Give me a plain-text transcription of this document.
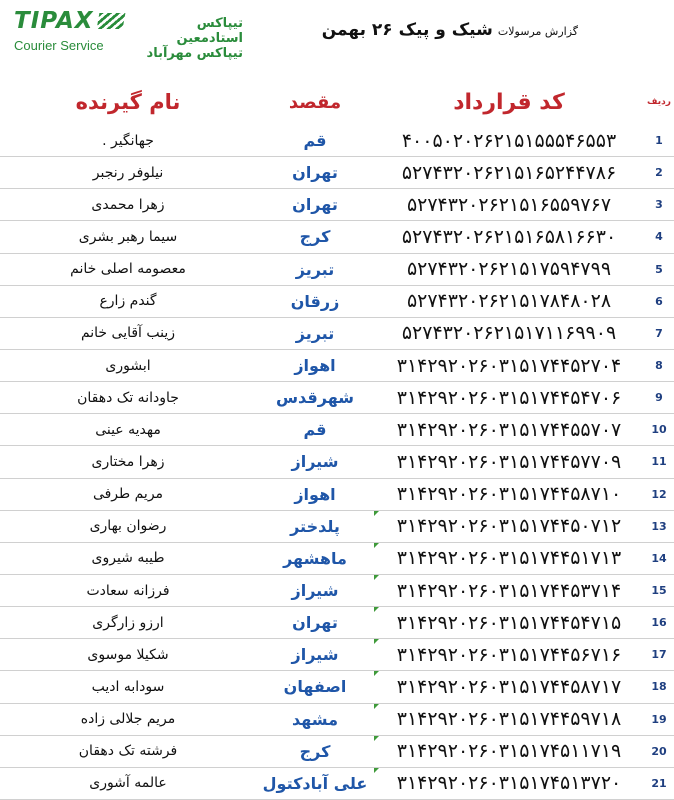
TIPAX
Courier Service
تیپاکس استادمعین
تیپاکس مهرآباد
گزارش مرسولات شیک و پیک ۲۶ بهمن
ردیف	کد قرارداد	مقصد	نام گیرنده
1	۴۰۰۵۰۲۰۲۶۲۱۵۱۵۵۵۴۶۵۵۳	قم	جهانگیر .
2	۵۲۷۴۳۲۰۲۶۲۱۵۱۶۵۲۴۴۷۸۶	تهران	نیلوفر رنجبر
3	۵۲۷۴۳۲۰۲۶۲۱۵۱۶۵۵۹۷۶۷	تهران	زهرا محمدی
4	۵۲۷۴۳۲۰۲۶۲۱۵۱۶۵۸۱۶۶۳۰	کرج	سیما رهبر بشری
5	۵۲۷۴۳۲۰۲۶۲۱۵۱۷۵۹۴۷۹۹	تبریز	معصومه اصلی خانم
6	۵۲۷۴۳۲۰۲۶۲۱۵۱۷۸۴۸۰۲۸	زرقان	گندم زارع
7	۵۲۷۴۳۲۰۲۶۲۱۵۱۷۱۱۶۹۹۰۹	تبریز	زینب آقایی خانم
8	۳۱۴۲۹۲۰۲۶۰۳۱۵۱۷۴۴۵۲۷۰۴	اهواز	ابشوری
9	۳۱۴۲۹۲۰۲۶۰۳۱۵۱۷۴۴۵۴۷۰۶	شهرقدس	جاودانه تک دهقان
10	۳۱۴۲۹۲۰۲۶۰۳۱۵۱۷۴۴۵۵۷۰۷	قم	مهدیه عینی
11	۳۱۴۲۹۲۰۲۶۰۳۱۵۱۷۴۴۵۷۷۰۹	شیراز	زهرا مختاری
12	۳۱۴۲۹۲۰۲۶۰۳۱۵۱۷۴۴۵۸۷۱۰	اهواز	مریم طرفی
13	۳۱۴۲۹۲۰۲۶۰۳۱۵۱۷۴۴۵۰۷۱۲	پلدختر	رضوان بهاری
14	۳۱۴۲۹۲۰۲۶۰۳۱۵۱۷۴۴۵۱۷۱۳	ماهشهر	طیبه شیروی
15	۳۱۴۲۹۲۰۲۶۰۳۱۵۱۷۴۴۵۳۷۱۴	شیراز	فرزانه سعادت
16	۳۱۴۲۹۲۰۲۶۰۳۱۵۱۷۴۴۵۴۷۱۵	تهران	ارزو زارگری
17	۳۱۴۲۹۲۰۲۶۰۳۱۵۱۷۴۴۵۶۷۱۶	شیراز	شکیلا موسوی
18	۳۱۴۲۹۲۰۲۶۰۳۱۵۱۷۴۴۵۸۷۱۷	اصفهان	سودابه ادیب
19	۳۱۴۲۹۲۰۲۶۰۳۱۵۱۷۴۴۵۹۷۱۸	مشهد	مریم جلالی زاده
20	۳۱۴۲۹۲۰۲۶۰۳۱۵۱۷۴۵۱۱۷۱۹	کرج	فرشته تک دهقان
21	۳۱۴۲۹۲۰۲۶۰۳۱۵۱۷۴۵۱۳۷۲۰	علی آبادکتول	عالمه آشوری
